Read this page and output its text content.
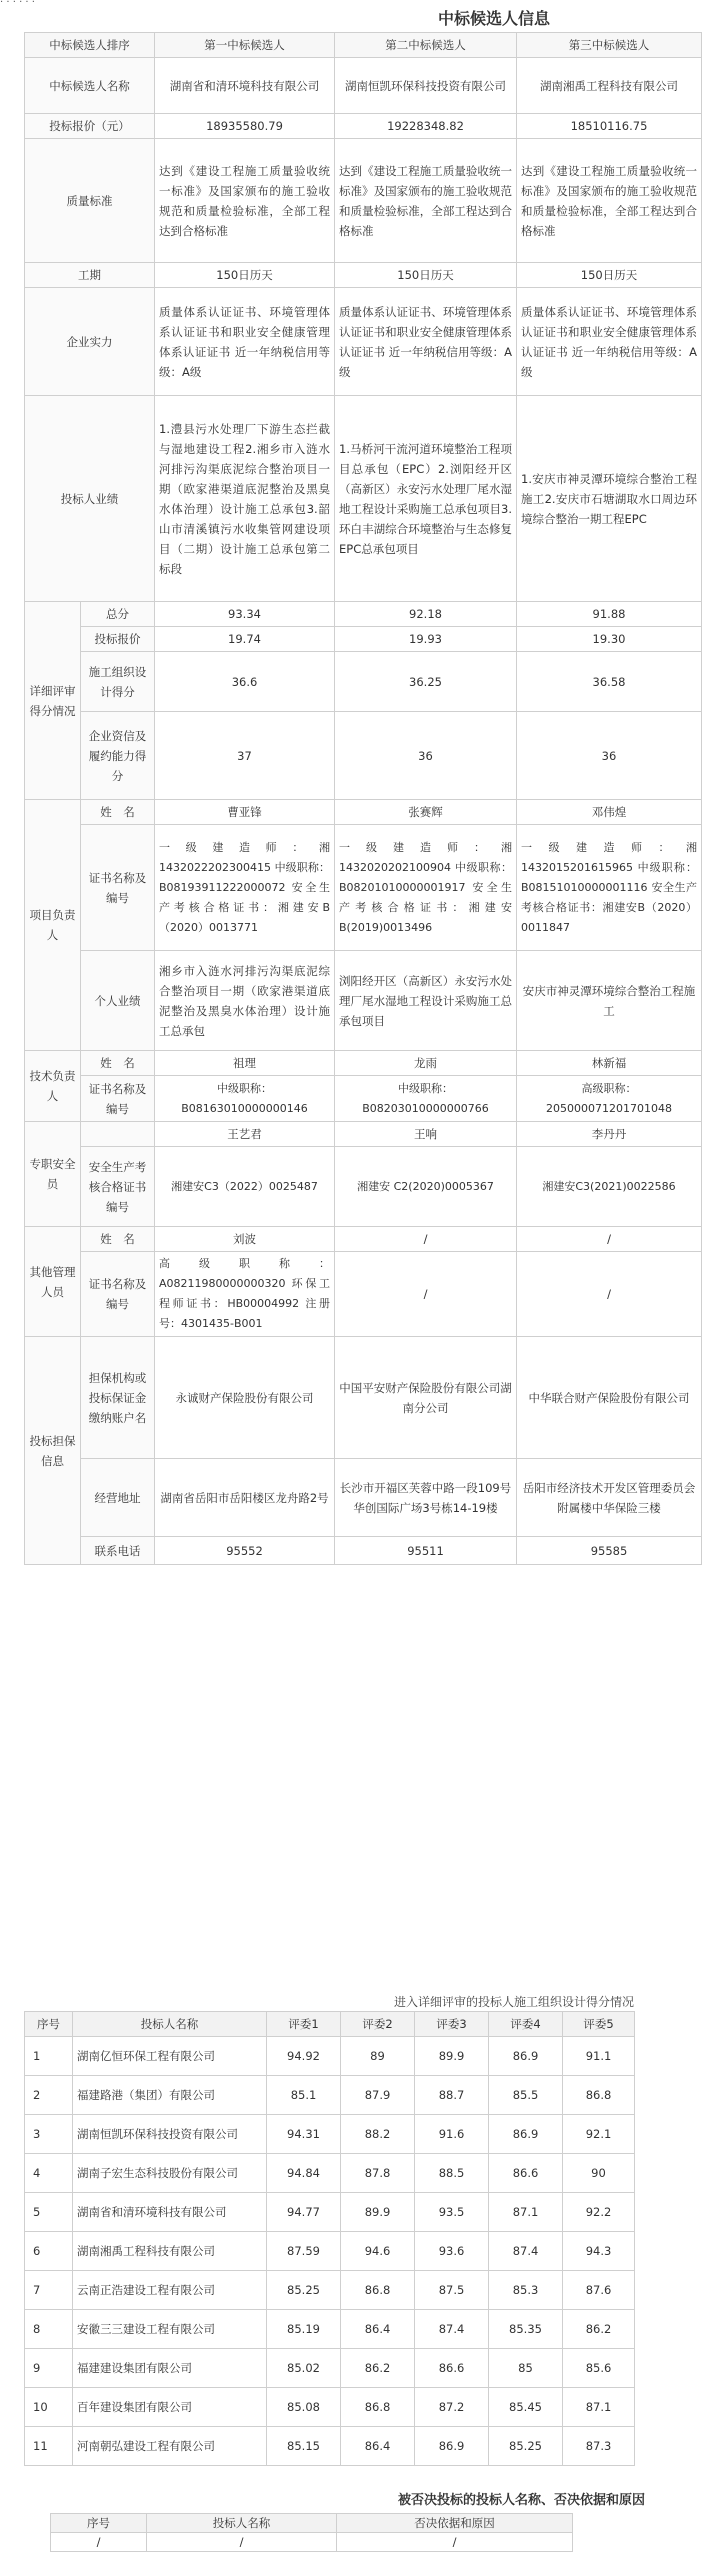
· · · · · ·
中标候选人信息
中标候选人排序		第一中标候选人	第二中标候选人	第三中标候选人
中标候选人名称		湖南省和清环境科技有限公司	湖南恒凯环保科技投资有限公司	湖南湘禹工程科技有限公司
投标报价（元）		18935580.79	19228348.82	18510116.75
质量标准		达到《建设工程施工质量验收统一标准》及国家颁布的施工验收规范和质量检验标准，全部工程达到合格标准	达到《建设工程施工质量验收统一标准》及国家颁布的施工验收规范和质量检验标准，全部工程达到合格标准	达到《建设工程施工质量验收统一标准》及国家颁布的施工验收规范和质量检验标准，全部工程达到合格标准
工期		150日历天	150日历天	150日历天
企业实力		质量体系认证证书、环境管理体系认证证书和职业安全健康管理体系认证证书 近一年纳税信用等级：A级	质量体系认证证书、环境管理体系认证证书和职业安全健康管理体系认证证书 近一年纳税信用等级：A级	质量体系认证证书、环境管理体系认证证书和职业安全健康管理体系认证证书 近一年纳税信用等级：A级
投标人业绩		1.澧县污水处理厂下游生态拦截与湿地建设工程2.湘乡市入涟水河排污沟渠底泥综合整治项目一期（欧家港渠道底泥整治及黑臭水体治理）设计施工总承包3.韶山市清溪镇污水收集管网建设项目（二期）设计施工总承包第二标段	1.马桥河干流河道环境整治工程项目总承包（EPC）2.浏阳经开区（高新区）永安污水处理厂尾水湿地工程设计采购施工总承包项目3.环白丰湖综合环境整治与生态修复EPC总承包项目	1.安庆市神灵潭环境综合整治工程施工2.安庆市石塘湖取水口周边环境综合整治一期工程EPC
详细评审得分情况	总分	93.34	92.18	91.88
	投标报价	19.74	19.93	19.30
	施工组织设计得分	36.6	36.25	36.58
	企业资信及履约能力得分	37	36	36
项目负责人	姓　名	曹亚锋	张赛辉	邓伟煌
	证书名称及编号	一级建造师：湘1432022202300415 中级职称：B08193911222000072 安全生产考核合格证书：湘建安B（2020）0013771	一级建造师：湘1432020202100904 中级职称：B08201010000001917 安全生产考核合格证书：湘建安B(2019)0013496	一级建造师：湘1432015201615965 中级职称：B08151010000001116 安全生产考核合格证书：湘建安B（2020）0011847
	个人业绩	湘乡市入涟水河排污沟渠底泥综合整治项目一期（欧家港渠道底泥整治及黑臭水体治理）设计施工总承包	浏阳经开区（高新区）永安污水处理厂尾水湿地工程设计采购施工总承包项目	安庆市神灵潭环境综合整治工程施工
技术负责人	姓　名	祖理	龙雨	林新福
	证书名称及编号	中级职称：B08163010000000146	中级职称：B08203010000000766	高级职称：205000071201701048
专职安全员		王艺君	王响	李丹丹
	安全生产考核合格证书编号	湘建安C3（2022）0025487	湘建安 C2(2020)0005367	湘建安C3(2021)0022586
其他管理人员	姓　名	刘波	/	/
	证书名称及编号	高级职称：A08211980000000320 环保工程师证书：HB00004992 注册号：4301435-B001	/	/
投标担保信息	担保机构或投标保证金缴纳账户名	永诚财产保险股份有限公司	中国平安财产保险股份有限公司湖南分公司	中华联合财产保险股份有限公司
	经营地址	湖南省岳阳市岳阳楼区龙舟路2号	长沙市开福区芙蓉中路一段109号华创国际广场3号栋14-19楼	岳阳市经济技术开发区管理委员会附属楼中华保险三楼
	联系电话	95552	95511	95585
进入详细评审的投标人施工组织设计得分情况
序号	投标人名称	评委1	评委2	评委3	评委4	评委5
1	湖南亿恒环保工程有限公司	94.92	89	89.9	86.9	91.1
2	福建路港（集团）有限公司	85.1	87.9	88.7	85.5	86.8
3	湖南恒凯环保科技投资有限公司	94.31	88.2	91.6	86.9	92.1
4	湖南子宏生态科技股份有限公司	94.84	87.8	88.5	86.6	90
5	湖南省和清环境科技有限公司	94.77	89.9	93.5	87.1	92.2
6	湖南湘禹工程科技有限公司	87.59	94.6	93.6	87.4	94.3
7	云南正浩建设工程有限公司	85.25	86.8	87.5	85.3	87.6
8	安徽三三建设工程有限公司	85.19	86.4	87.4	85.35	86.2
9	福建建设集团有限公司	85.02	86.2	86.6	85	85.6
10	百年建设集团有限公司	85.08	86.8	87.2	85.45	87.1
11	河南朝弘建设工程有限公司	85.15	86.4	86.9	85.25	87.3
被否决投标的投标人名称、否决依据和原因
序号	投标人名称	否决依据和原因
/	/	/
